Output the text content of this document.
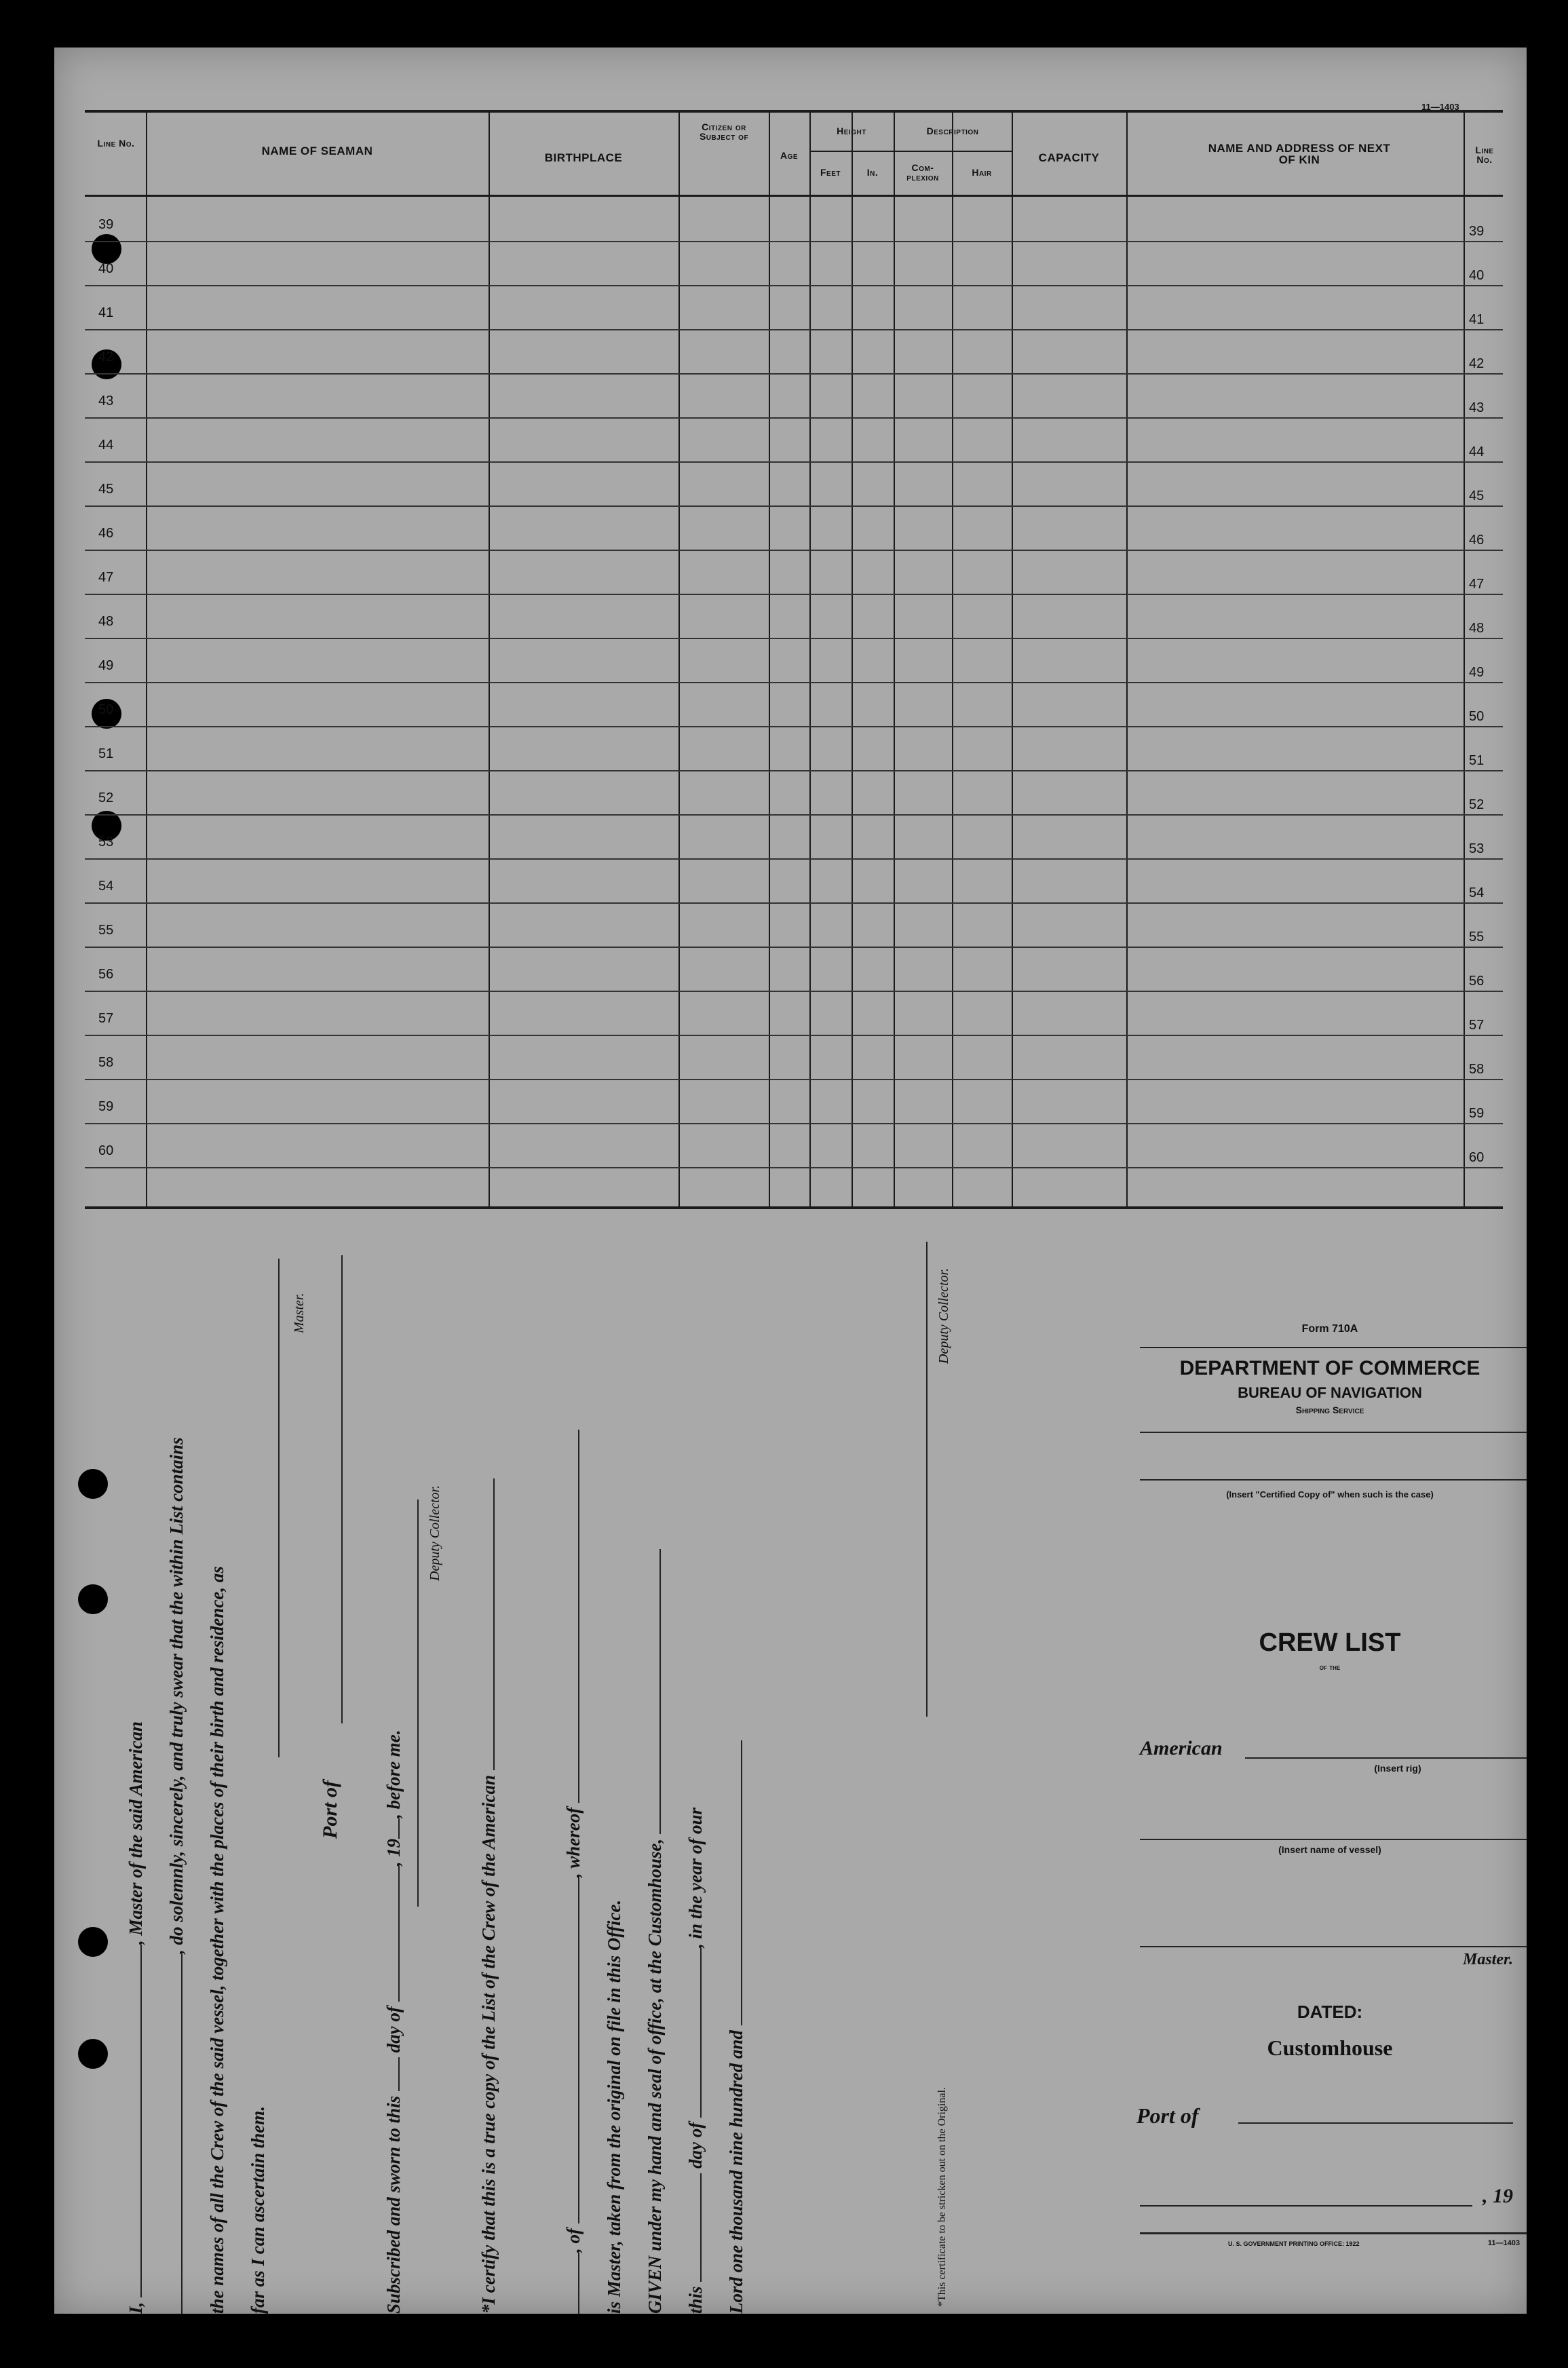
11—1403
Line No.
NAME OF SEAMAN
BIRTHPLACE
Citizen or Subject of
Age
Height
Feet	In.
Description
Com-plexion	Hair
CAPACITY
NAME AND ADDRESS OF NEXT OF KIN
Line No.
39	39
40	40
41	41
42	42
43	43
44	44
45	45
46	46
47	47
48	48
49	49
50	50
51	51
52	52
53	53
54	54
55	55
56	56
57	57
58	58
59	59
60	60
I, , Master of the said American , do solemnly, sincerely, and truly swear that the within List contains the names of all the Crew of the said vessel, together with the places of their birth and residence, as far as I can ascertain them.
Master.
Port of
Subscribed and sworn to this  day of , 19, before me.
Deputy Collector.
*I certify that this is a true copy of the List of the Crew of the American	, of , whereof
is Master, taken from the original on file in this Office. GIVEN under my hand and seal of office, at the Customhouse, this  day of , in the year of our
Lord one thousand nine hundred and
Deputy Collector.
*This certificate to be stricken out on the Original.
Form 710A
DEPARTMENT OF COMMERCE
BUREAU OF NAVIGATION
Shipping Service
(Insert "Certified Copy of" when such is the case)
CREW LIST
of the
American
(Insert rig)
(Insert name of vessel)
Master.
DATED:
Customhouse
Port of
, 19
U. S. GOVERNMENT PRINTING OFFICE: 1922	11—1403
